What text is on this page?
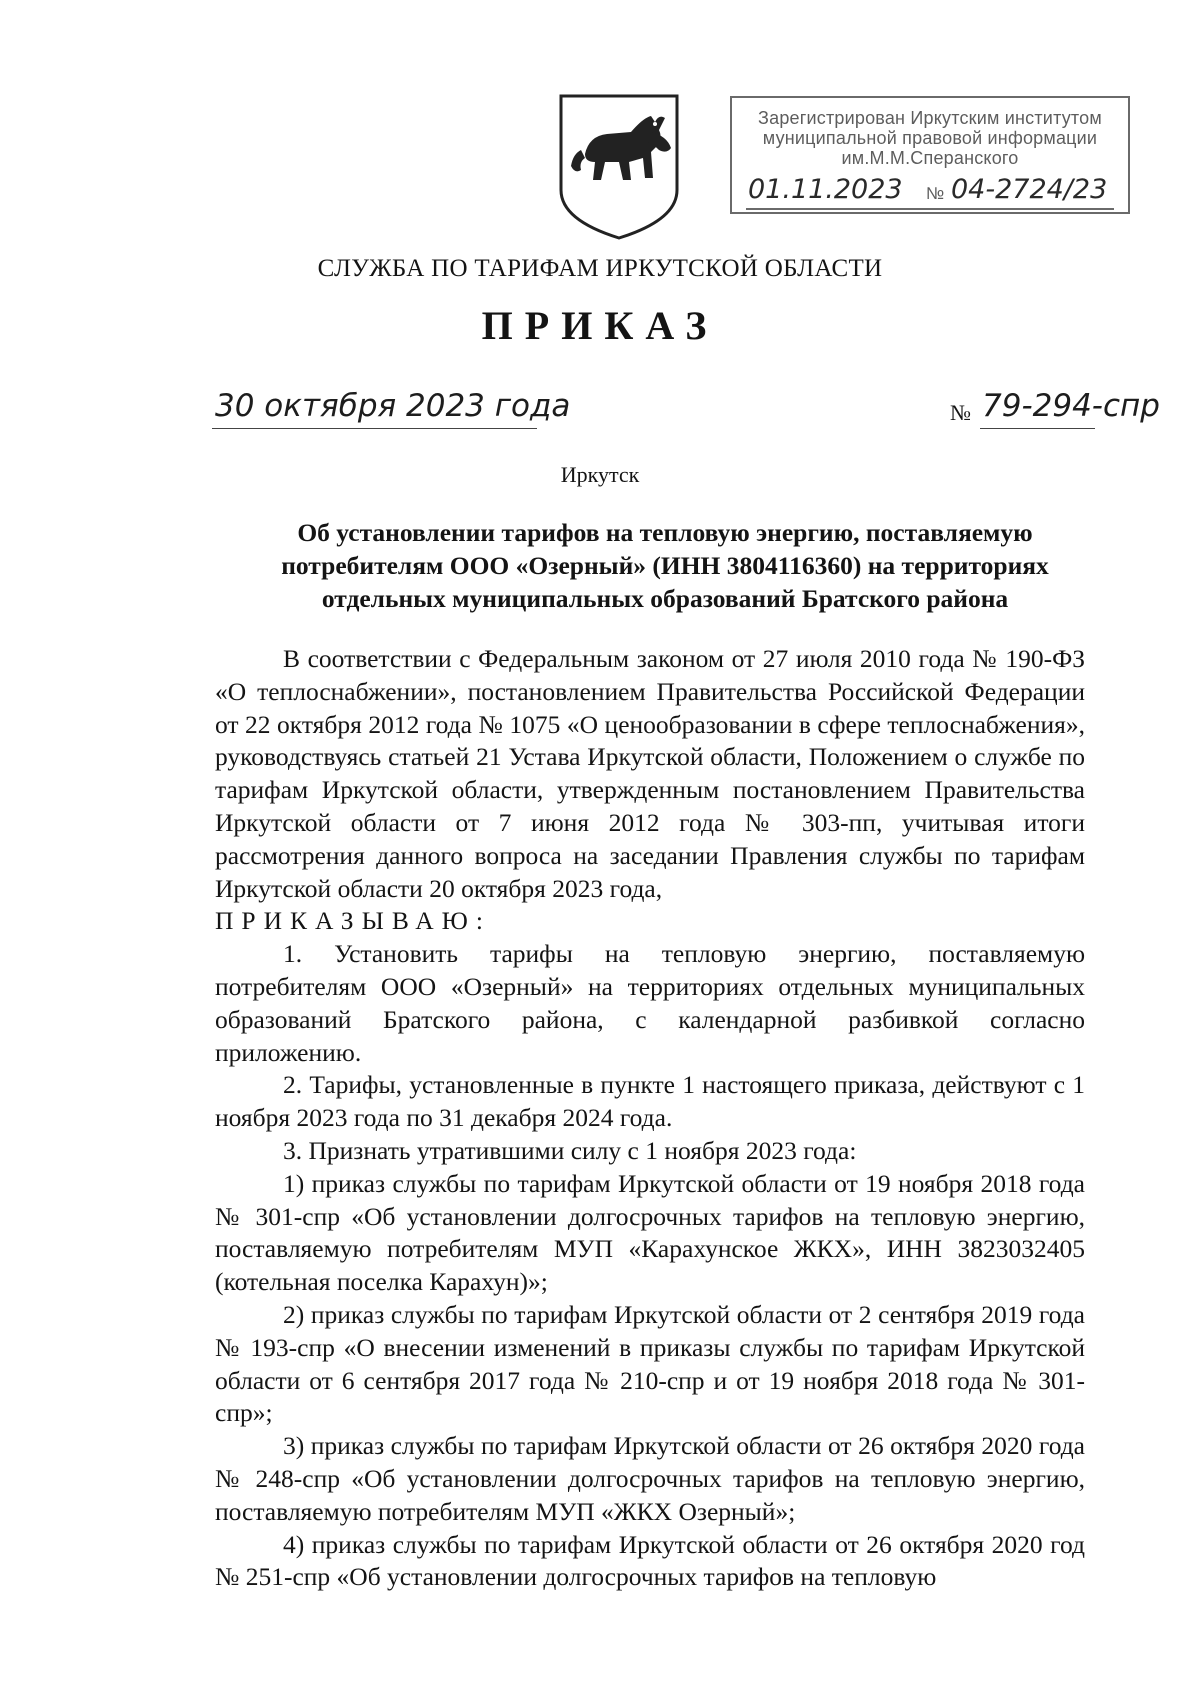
Зарегистрирован Иркутским институтом
муниципальной правовой информации
им.М.М.Сперанского
01.11.2023 № 04-2724/23
СЛУЖБА ПО ТАРИФАМ ИРКУТСКОЙ ОБЛАСТИ
ПРИКАЗ
30 октября 2023 года	№ 79-294-спр
Иркутск
Об установлении тарифов на тепловую энергию, поставляемую
потребителям ООО «Озерный» (ИНН 3804116360) на территориях
отдельных муниципальных образований Братского района

В соответствии с Федеральным законом от 27 июля 2010 года № 190-ФЗ «О теплоснабжении», постановлением Правительства Российской Федерации от 22 октября 2012 года № 1075 «О ценообразовании в сфере теплоснабжения», руководствуясь статьей 21 Устава Иркутской области, Положением о службе по тарифам Иркутской области, утвержденным постановлением Правительства Иркутской области от 7 июня 2012 года № 303-пп, учитывая итоги рассмотрения данного вопроса на заседании Правления службы по тарифам Иркутской области 20 октября 2023 года,

ПРИКАЗЫВАЮ:

1. Установить тарифы на тепловую энергию, поставляемую потребителям ООО «Озерный» на территориях отдельных муниципальных образований Братского района, с календарной разбивкой согласно приложению.

2. Тарифы, установленные в пункте 1 настоящего приказа, действуют с 1 ноября 2023 года по 31 декабря 2024 года.

3. Признать утратившими силу с 1 ноября 2023 года:

1) приказ службы по тарифам Иркутской области от 19 ноября 2018 года № 301-спр «Об установлении долгосрочных тарифов на тепловую энергию, поставляемую потребителям МУП «Карахунское ЖКХ», ИНН 3823032405 (котельная поселка Карахун)»;

2) приказ службы по тарифам Иркутской области от 2 сентября 2019 года № 193-спр «О внесении изменений в приказы службы по тарифам Иркутской области от 6 сентября 2017 года № 210-спр и от 19 ноября 2018 года № 301-спр»;

3) приказ службы по тарифам Иркутской области от 26 октября 2020 года № 248-спр «Об установлении долгосрочных тарифов на тепловую энергию, поставляемую потребителям МУП «ЖКХ Озерный»;

4) приказ службы по тарифам Иркутской области от 26 октября 2020 год № 251-спр «Об установлении долгосрочных тарифов на тепловую
